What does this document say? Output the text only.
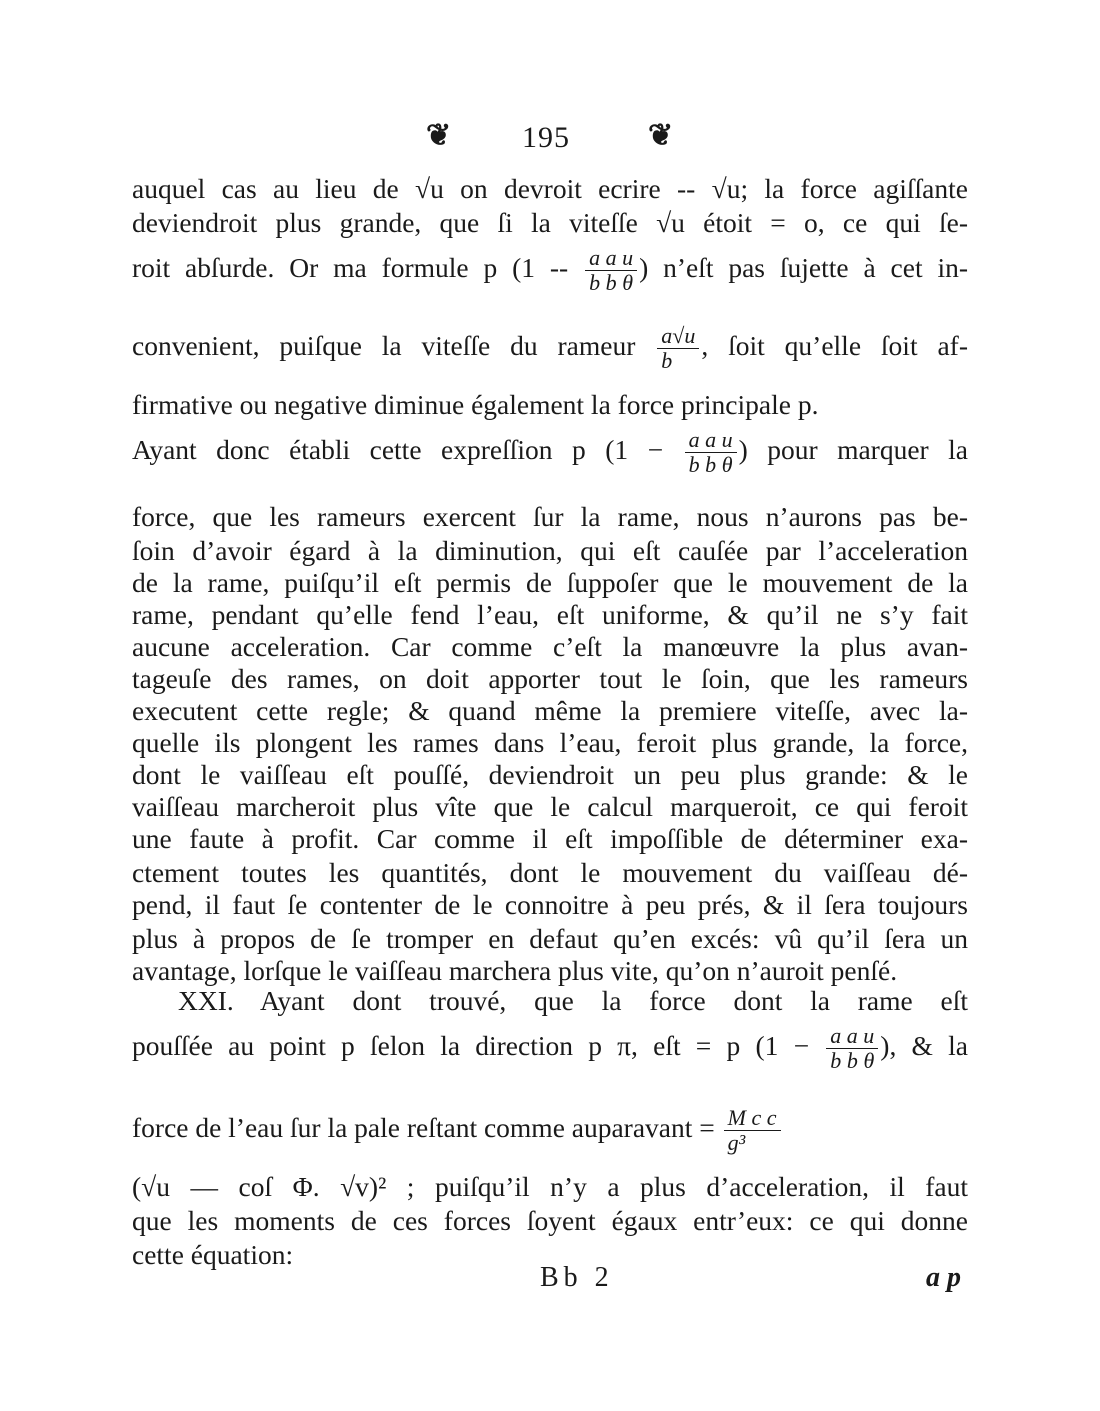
❦ 195	❦
auquel cas au lieu de √u on devroit ecrire -- √u; la force agiſſante
deviendroit plus grande, que ſi la viteſſe √u étoit = o, ce qui ſe-
roit abſurde. Or ma formule p ($1 -- \frac{\text{a a u}}{\text{b b θ}}$ ) n’eſt pas ſujette à cet in-
convenient, puiſque la viteſſe du rameur $\frac{a√u}{b}$ , ſoit qu’elle ſoit af-
firmative ou negative diminue également la force principale p.
Ayant donc établi cette expreſſion p ($1 - \frac{\text{a a u}}{\text{b b θ}}$ ) pour marquer la
force, que les rameurs exercent ſur la rame, nous n’aurons pas be-
ſoin d’avoir égard à la diminution, qui eſt cauſée par l’acceleration
de la rame, puiſqu’il eſt permis de ſuppoſer que le mouvement de la
rame, pendant qu’elle fend l’eau, eſt uniforme, & qu’il ne s’y fait
aucune acceleration. Car comme c’eſt la manœuvre la plus avan-
tageuſe des rames, on doit apporter tout le ſoin, que les rameurs
executent cette regle; & quand même la premiere viteſſe, avec la-
quelle ils plongent les rames dans l’eau, feroit plus grande, la force,
dont le vaiſſeau eſt pouſſé, deviendroit un peu plus grande: & le
vaiſſeau marcheroit plus vîte que le calcul marqueroit, ce qui feroit
une faute à profit. Car comme il eſt impoſſible de déterminer exa-
ctement toutes les quantités, dont le mouvement du vaiſſeau dé-
pend, il faut ſe contenter de le connoitre à peu prés, & il ſera toujours
plus à propos de ſe tromper en defaut qu’en excés: vû qu’il ſera un
avantage, lorſque le vaiſſeau marchera plus vite, qu’on n’auroit penſé.
XXI. Ayant dont trouvé, que la force dont la rame eſt
pouſſée au point p ſelon la direction p π, eſt = p ($1 - \frac{\text{a a u}}{\text{b b θ}}$ ), & la
force de l’eau ſur la pale reſtant comme auparavant = $\frac{\text{M c c}}{\text{g³}}$
(√u — coſ Φ. √v)² ; puiſqu’il n’y a plus d’acceleration, il faut
que les moments de ces forces ſoyent égaux entr’eux: ce qui donne
cette équation:
Bb 2	a p
